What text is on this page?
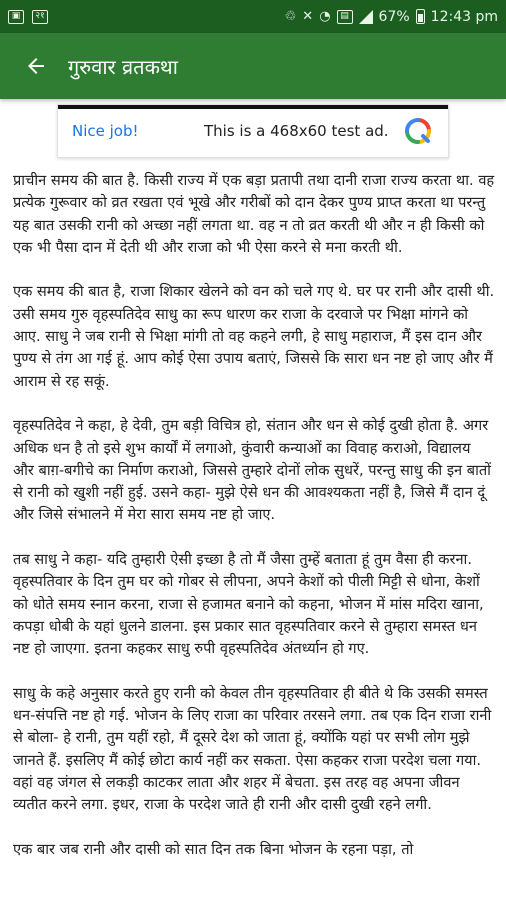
▣	२१	♲ ✕ ◔	▤ 67% 12:43 pm
गुरुवार व्रतकथा
Nice job!	This is a 468x60 test ad.

प्राचीन समय की बात है. किसी राज्य में एक बड़ा प्रतापी तथा दानी राजा राज्य करता था. वह प्रत्येक गुरूवार को व्रत रखता एवं भूखे और गरीबों को दान देकर पुण्य प्राप्त करता था परन्तु यह बात उसकी रानी को अच्छा नहीं लगता था. वह न तो व्रत करती थी और न ही किसी को एक भी पैसा दान में देती थी और राजा को भी ऐसा करने से मना करती थी.

एक समय की बात है, राजा शिकार खेलने को वन को चले गए थे. घर पर रानी और दासी थी. उसी समय गुरु वृहस्पतिदेव साधु का रूप धारण कर राजा के दरवाजे पर भिक्षा मांगने को आए. साधु ने जब रानी से भिक्षा मांगी तो वह कहने लगी, हे साधु महाराज, मैं इस दान और पुण्य से तंग आ गई हूं. आप कोई ऐसा उपाय बताएं, जिससे कि सारा धन नष्ट हो जाए और मैं आराम से रह सकूं.

वृहस्पतिदेव ने कहा, हे देवी, तुम बड़ी विचित्र हो, संतान और धन से कोई दुखी होता है. अगर अधिक धन है तो इसे शुभ कार्यों में लगाओ, कुंवारी कन्याओं का विवाह कराओ, विद्यालय और बाग़-बगीचे का निर्माण कराओ, जिससे तुम्हारे दोनों लोक सुधरें, परन्तु साधु की इन बातों से रानी को खुशी नहीं हुई. उसने कहा- मुझे ऐसे धन की आवश्यकता नहीं है, जिसे मैं दान दूं और जिसे संभालने में मेरा सारा समय नष्ट हो जाए.

तब साधु ने कहा- यदि तुम्हारी ऐसी इच्छा है तो मैं जैसा तुम्हें बताता हूं तुम वैसा ही करना. वृहस्पतिवार के दिन तुम घर को गोबर से लीपना, अपने केशों को पीली मिट्टी से धोना, केशों को धोते समय स्नान करना, राजा से हजामत बनाने को कहना, भोजन में मांस मदिरा खाना, कपड़ा धोबी के यहां धुलने डालना. इस प्रकार सात वृहस्पतिवार करने से तुम्हारा समस्त धन नष्ट हो जाएगा. इतना कहकर साधु रुपी वृहस्पतिदेव अंतर्ध्यान हो गए.

साधु के कहे अनुसार करते हुए रानी को केवल तीन वृहस्पतिवार ही बीते थे कि उसकी समस्त धन-संपत्ति नष्ट हो गई. भोजन के लिए राजा का परिवार तरसने लगा. तब एक दिन राजा रानी से बोला- हे रानी, तुम यहीं रहो, मैं दूसरे देश को जाता हूं, क्योंकि यहां पर सभी लोग मुझे जानते हैं. इसलिए मैं कोई छोटा कार्य नहीं कर सकता. ऐसा कहकर राजा परदेश चला गया. वहां वह जंगल से लकड़ी काटकर लाता और शहर में बेचता. इस तरह वह अपना जीवन व्यतीत करने लगा. इधर, राजा के परदेश जाते ही रानी और दासी दुखी रहने लगी.

एक बार जब रानी और दासी को सात दिन तक बिना भोजन के रहना पड़ा, तो
